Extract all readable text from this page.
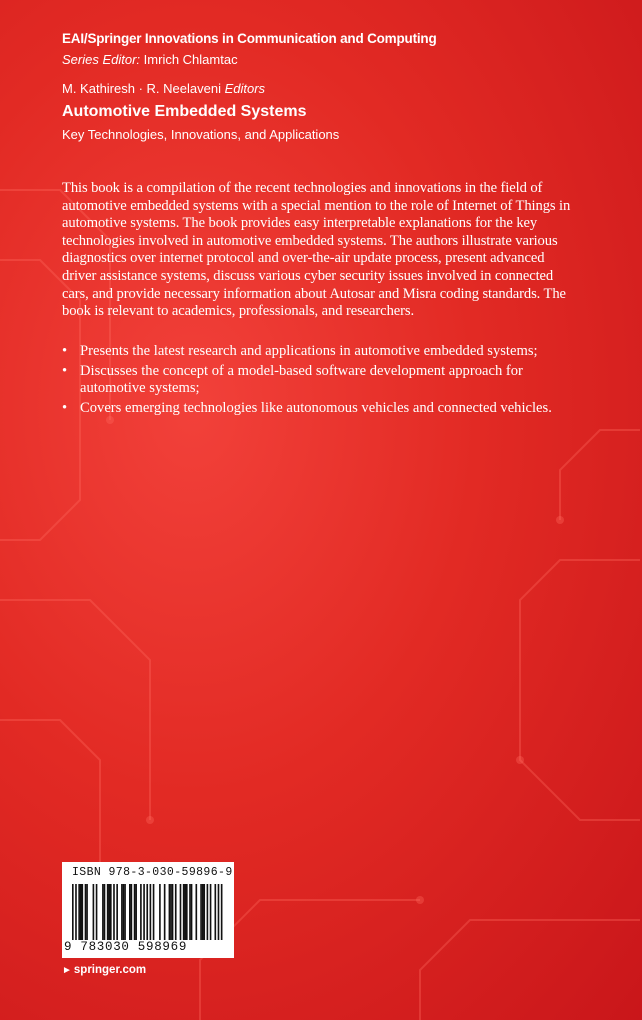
EAI/Springer Innovations in Communication and Computing
Series Editor: Imrich Chlamtac
M. Kathiresh · R. Neelaveni Editors
Automotive Embedded Systems
Key Technologies, Innovations, and Applications

This book is a compilation of the recent technologies and innovations in the field of automotive embedded systems with a special mention to the role of Internet of Things in automotive systems. The book provides easy interpretable explanations for the key technologies involved in automotive embedded systems. The authors illustrate various diagnostics over internet protocol and over-the-air update process, present advanced driver assistance systems, discuss various cyber security issues involved in connected cars, and provide necessary information about Autosar and Misra coding standards. The book is relevant to academics, professionals, and researchers.

• Presents the latest research and applications in automotive embedded systems;
• Discusses the concept of a model-based software development approach for automotive systems;
• Covers emerging technologies like autonomous vehicles and connected vehicles.
ISBN 978-3-030-59896-9
9 783030 598969
► springer.com
